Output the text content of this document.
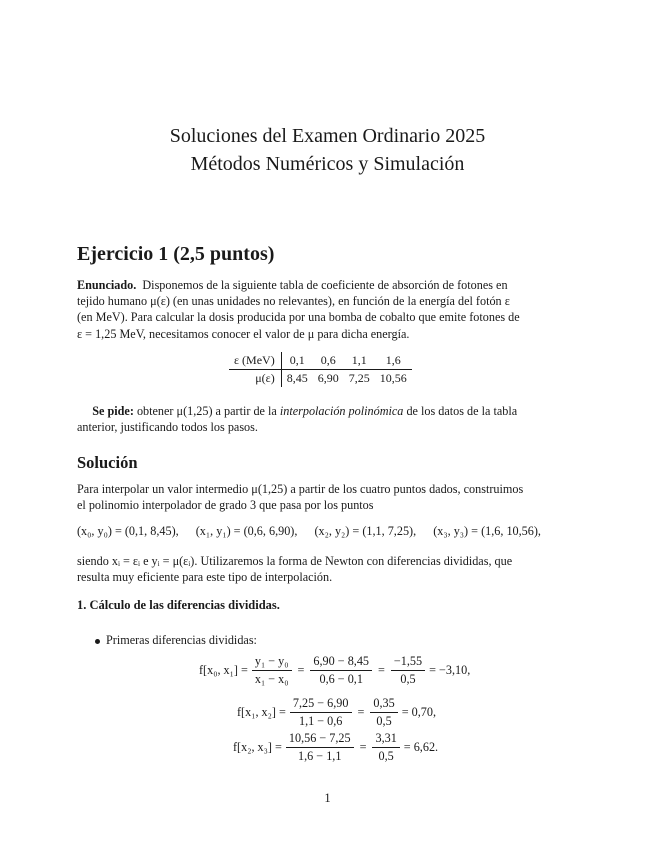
Soluciones del Examen Ordinario 2025
Métodos Numéricos y Simulación
Ejercicio 1 (2,5 puntos)
Enunciado. Disponemos de la siguiente tabla de coeficiente de absorción de fotones en
tejido humano μ(ε) (en unas unidades no relevantes), en función de la energía del fotón ε
(en MeV). Para calcular la dosis producida por una bomba de cobalto que emite fotones de
ε = 1,25 MeV, necesitamos conocer el valor de μ para dicha energía.
ε (MeV)	0,1	0,6	1,1	1,6
μ(ε)	8,45	6,90	7,25	10,56
Se pide: obtener μ(1,25) a partir de la interpolación polinómica de los datos de la tabla
anterior, justificando todos los pasos.
Solución
Para interpolar un valor intermedio μ(1,25) a partir de los cuatro puntos dados, construimos
el polinomio interpolador de grado 3 que pasa por los puntos
(x₀, y₀) = (0,1, 8,45), (x₁, y₁) = (0,6, 6,90), (x₂, y₂) = (1,1, 7,25), (x₃, y₃) = (1,6, 10,56),
siendo xᵢ = εᵢ e yᵢ = μ(εᵢ). Utilizaremos la forma de Newton con diferencias divididas, que
resulta muy eficiente para este tipo de interpolación.
1. Cálculo de las diferencias divididas.
Primeras diferencias divididas:
f[x₀, $x_1] = \frac{\text{y₁ − y₀}}{\text{x₁ − x₀}} = \frac{6,90 - 8,45}{0,6 - 0,1} = \frac{-1,55}{0,5} = -3,10$,
f[x₁, $x_2] = \frac{7,25 - 6,90}{1,1 - 0,6} = \frac{0,35}{0,5} = 0,70$,
f[x₂, $x_3] = \frac{10,56 - 7,25}{1,6 - 1,1} = \frac{3,31}{0,5} = 6,62$.
1
